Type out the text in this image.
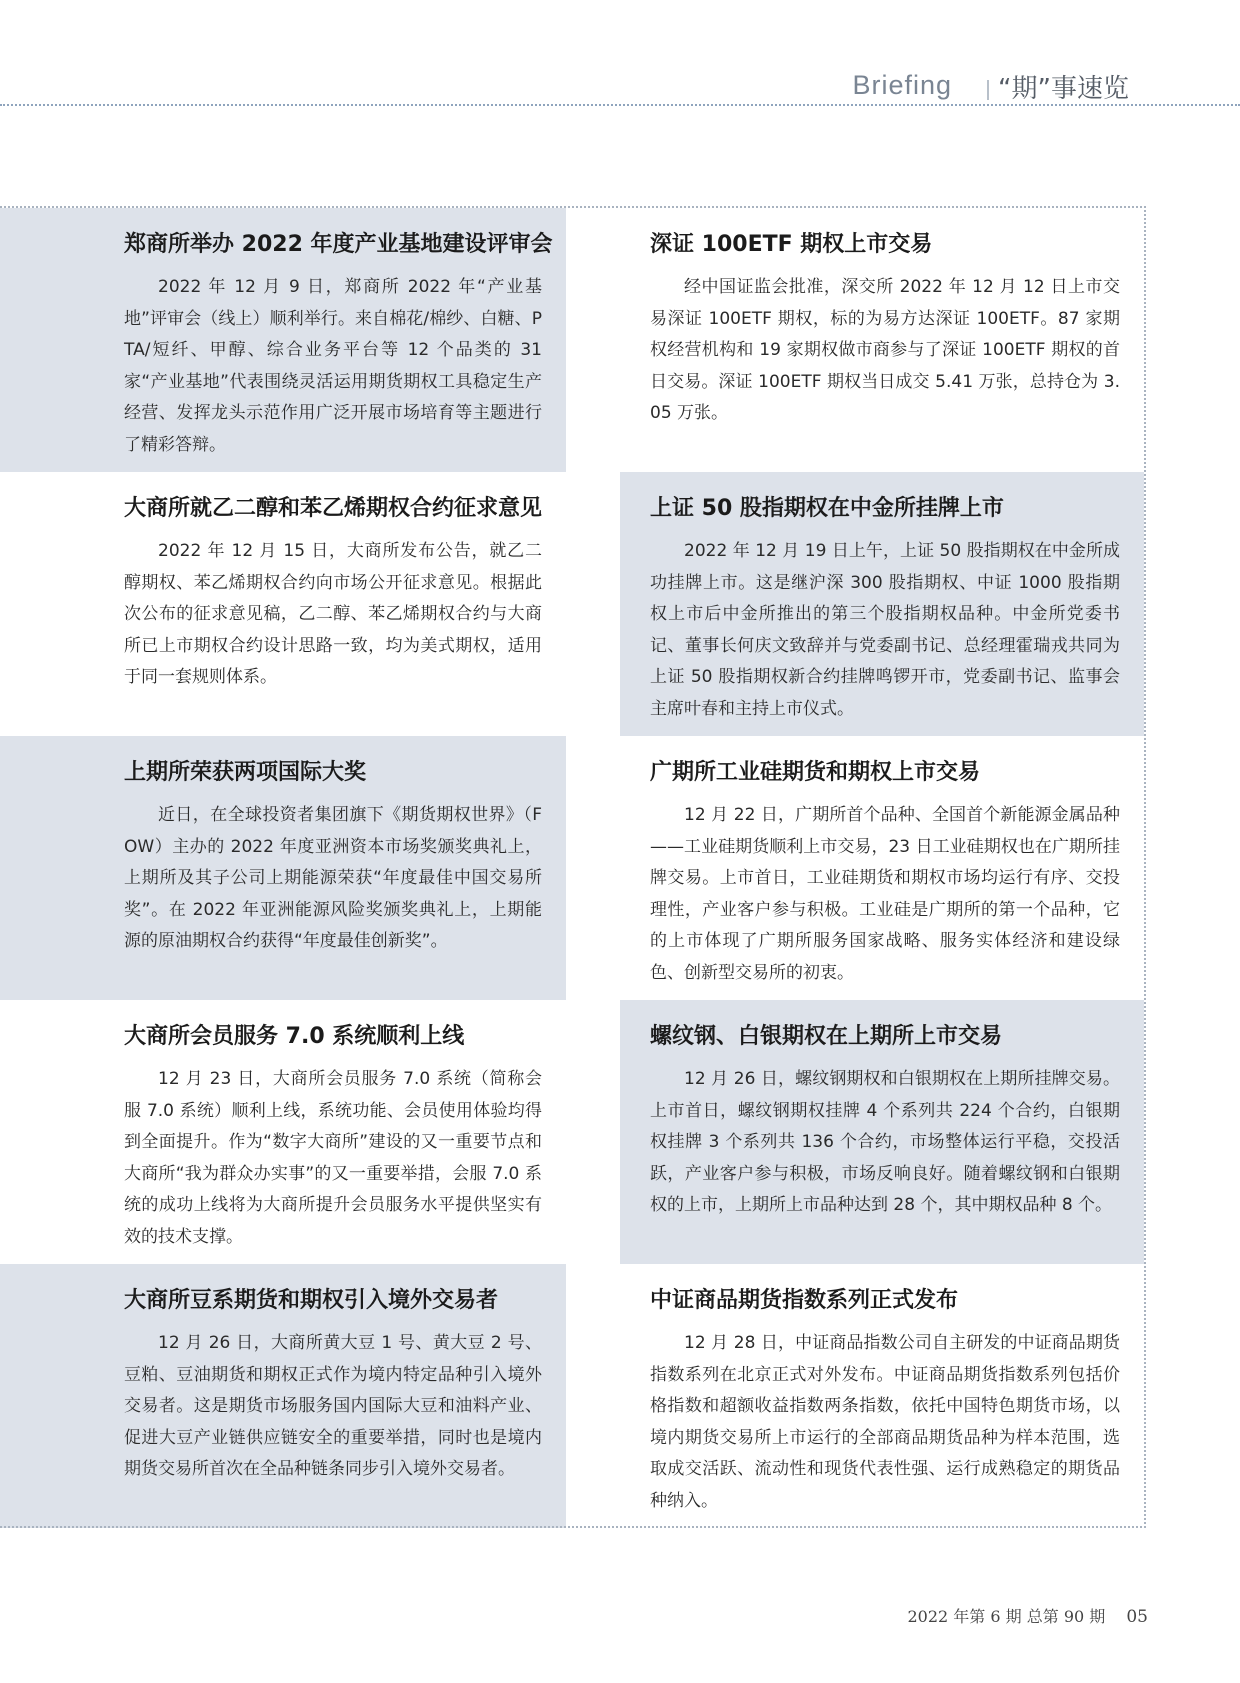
Briefing “期”事速览
郑商所举办 2022 年度产业基地建设评审会

2022 年 12 月 9 日，郑商所 2022 年“产业基地”评审会（线上）顺利举行。来自棉花/棉纱、白糖、PTA/短纤、甲醇、综合业务平台等 12 个品类的 31 家“产业基地”代表围绕灵活运用期货期权工具稳定生产经营、发挥龙头示范作用广泛开展市场培育等主题进行了精彩答辩。

深证 100ETF 期权上市交易

经中国证监会批准，深交所 2022 年 12 月 12 日上市交易深证 100ETF 期权，标的为易方达深证 100ETF。87 家期权经营机构和 19 家期权做市商参与了深证 100ETF 期权的首日交易。深证 100ETF 期权当日成交 5.41 万张，总持仓为 3.05 万张。

大商所就乙二醇和苯乙烯期权合约征求意见

2022 年 12 月 15 日，大商所发布公告，就乙二醇期权、苯乙烯期权合约向市场公开征求意见。根据此次公布的征求意见稿，乙二醇、苯乙烯期权合约与大商所已上市期权合约设计思路一致，均为美式期权，适用于同一套规则体系。

上证 50 股指期权在中金所挂牌上市

2022 年 12 月 19 日上午，上证 50 股指期权在中金所成功挂牌上市。这是继沪深 300 股指期权、中证 1000 股指期权上市后中金所推出的第三个股指期权品种。中金所党委书记、董事长何庆文致辞并与党委副书记、总经理霍瑞戎共同为上证 50 股指期权新合约挂牌鸣锣开市，党委副书记、监事会主席叶春和主持上市仪式。

上期所荣获两项国际大奖

近日，在全球投资者集团旗下《期货期权世界》（FOW）主办的 2022 年度亚洲资本市场奖颁奖典礼上，上期所及其子公司上期能源荣获“年度最佳中国交易所奖”。在 2022 年亚洲能源风险奖颁奖典礼上，上期能源的原油期权合约获得“年度最佳创新奖”。

广期所工业硅期货和期权上市交易

12 月 22 日，广期所首个品种、全国首个新能源金属品种——工业硅期货顺利上市交易，23 日工业硅期权也在广期所挂牌交易。上市首日，工业硅期货和期权市场均运行有序、交投理性，产业客户参与积极。工业硅是广期所的第一个品种，它的上市体现了广期所服务国家战略、服务实体经济和建设绿色、创新型交易所的初衷。

大商所会员服务 7.0 系统顺利上线

12 月 23 日，大商所会员服务 7.0 系统（简称会服 7.0 系统）顺利上线，系统功能、会员使用体验均得到全面提升。作为“数字大商所”建设的又一重要节点和大商所“我为群众办实事”的又一重要举措，会服 7.0 系统的成功上线将为大商所提升会员服务水平提供坚实有效的技术支撑。

螺纹钢、白银期权在上期所上市交易

12 月 26 日，螺纹钢期权和白银期权在上期所挂牌交易。上市首日，螺纹钢期权挂牌 4 个系列共 224 个合约，白银期权挂牌 3 个系列共 136 个合约，市场整体运行平稳，交投活跃，产业客户参与积极，市场反响良好。随着螺纹钢和白银期权的上市，上期所上市品种达到 28 个，其中期权品种 8 个。

大商所豆系期货和期权引入境外交易者

12 月 26 日，大商所黄大豆 1 号、黄大豆 2 号、豆粕、豆油期货和期权正式作为境内特定品种引入境外交易者。这是期货市场服务国内国际大豆和油料产业、促进大豆产业链供应链安全的重要举措，同时也是境内期货交易所首次在全品种链条同步引入境外交易者。

中证商品期货指数系列正式发布

12 月 28 日，中证商品指数公司自主研发的中证商品期货指数系列在北京正式对外发布。中证商品期货指数系列包括价格指数和超额收益指数两条指数，依托中国特色期货市场，以境内期货交易所上市运行的全部商品期货品种为样本范围，选取成交活跃、流动性和现货代表性强、运行成熟稳定的期货品种纳入。

2022 年第 6 期 总第 90 期 05
